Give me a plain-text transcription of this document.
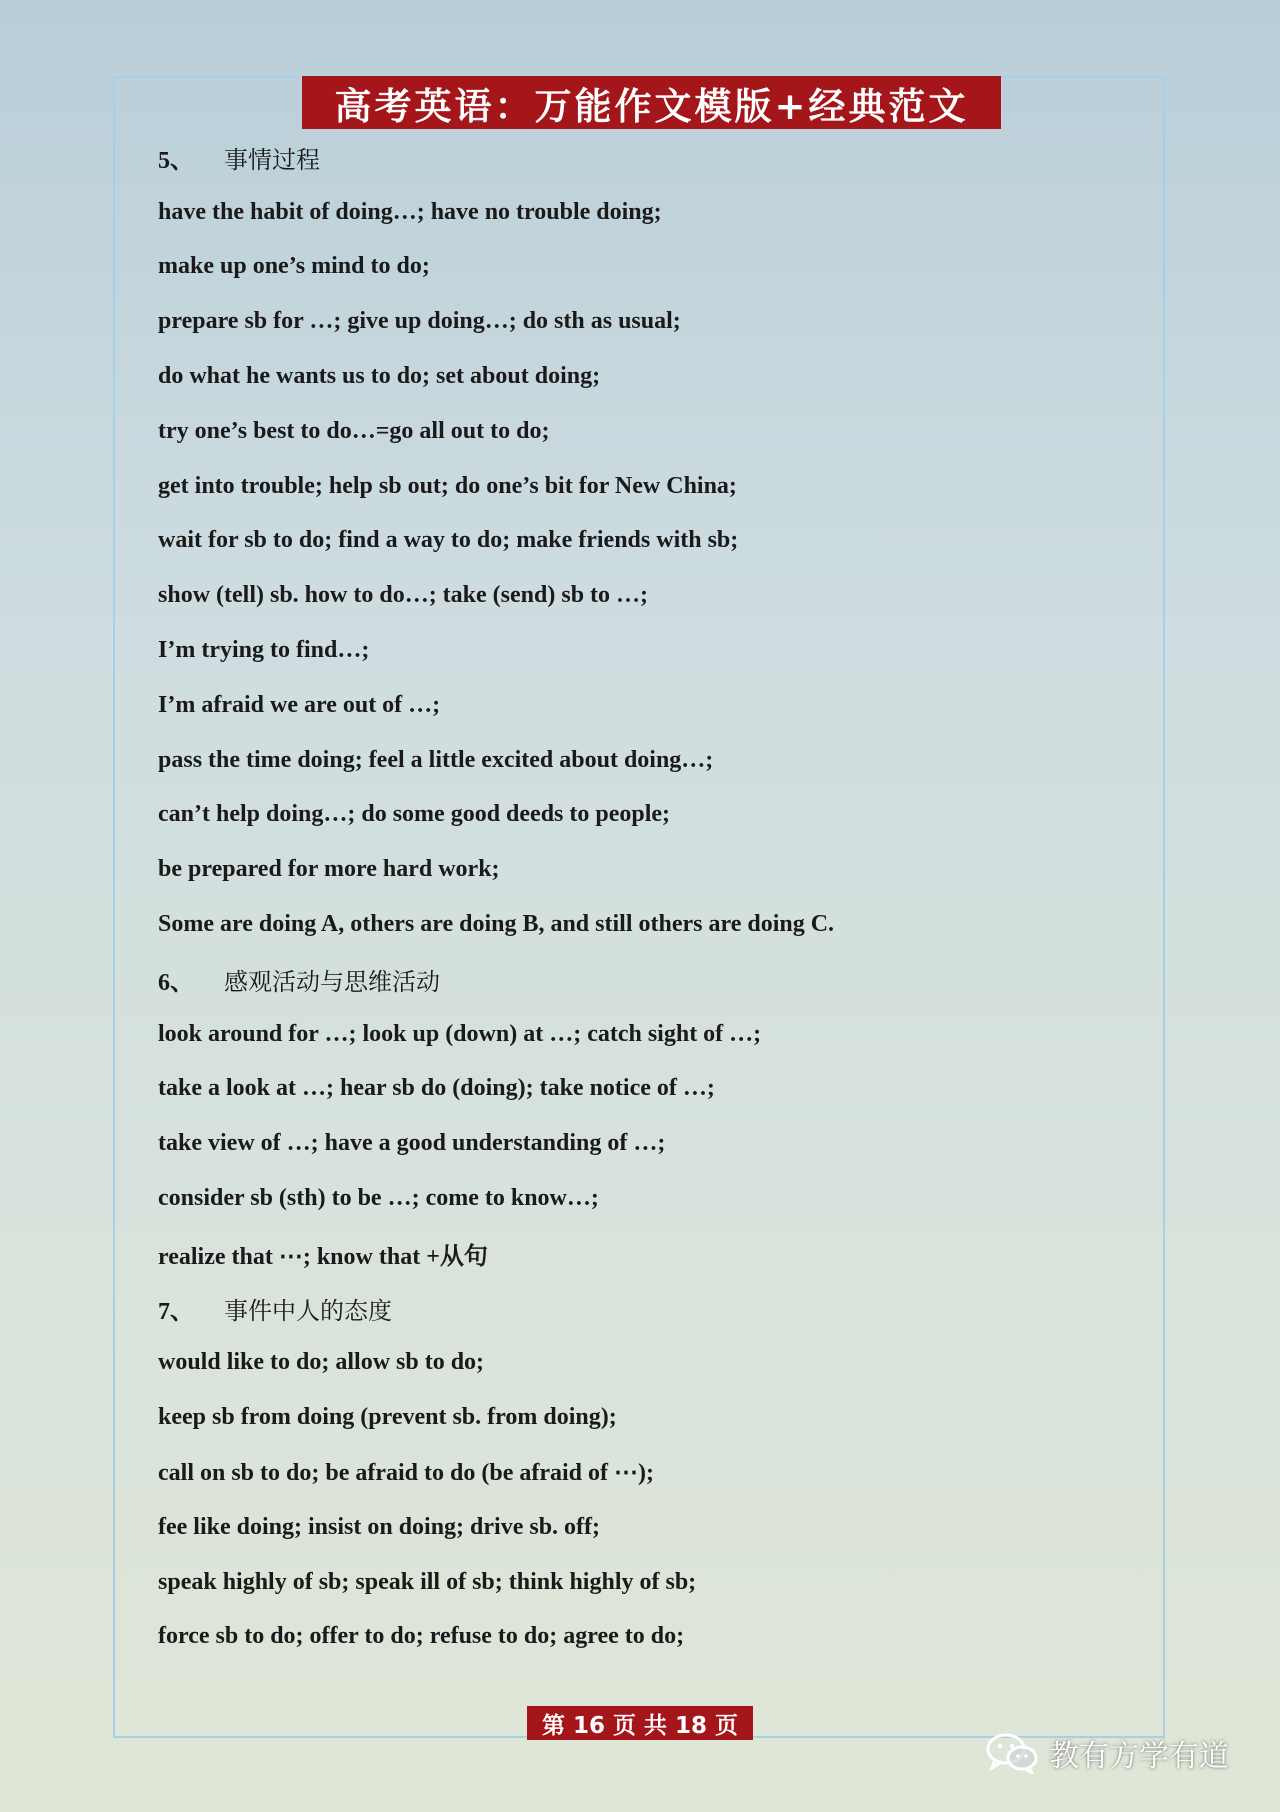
高考英语：万能作文模版+经典范文
5、	事情过程
have the habit of doing…; have no trouble doing;
make up one’s mind to do;
prepare sb for …; give up doing…; do sth as usual;
do what he wants us to do; set about doing;
try one’s best to do…=go all out to do;
get into trouble; help sb out; do one’s bit for New China;
wait for sb to do; find a way to do; make friends with sb;
show (tell) sb. how to do…; take (send) sb to …;
I’m trying to find…;
I’m afraid we are out of …;
pass the time doing; feel a little excited about doing…;
can’t help doing…; do some good deeds to people;
be prepared for more hard work;
Some are doing A, others are doing B, and still others are doing C.
6、	感观活动与思维活动
look around for …; look up (down) at …; catch sight of …;
take a look at …; hear sb do (doing); take notice of …;
take view of …; have a good understanding of …;
consider sb (sth) to be …; come to know…;
realize that ⋯; know that +从句
7、	事件中人的态度
would like to do; allow sb to do;
keep sb from doing (prevent sb. from doing);
call on sb to do; be afraid to do (be afraid of ⋯);
fee like doing; insist on doing; drive sb. off;
speak highly of sb; speak ill of sb; think highly of sb;
force sb to do; offer to do; refuse to do; agree to do;
第 16 页 共 18 页
教有方学有道
